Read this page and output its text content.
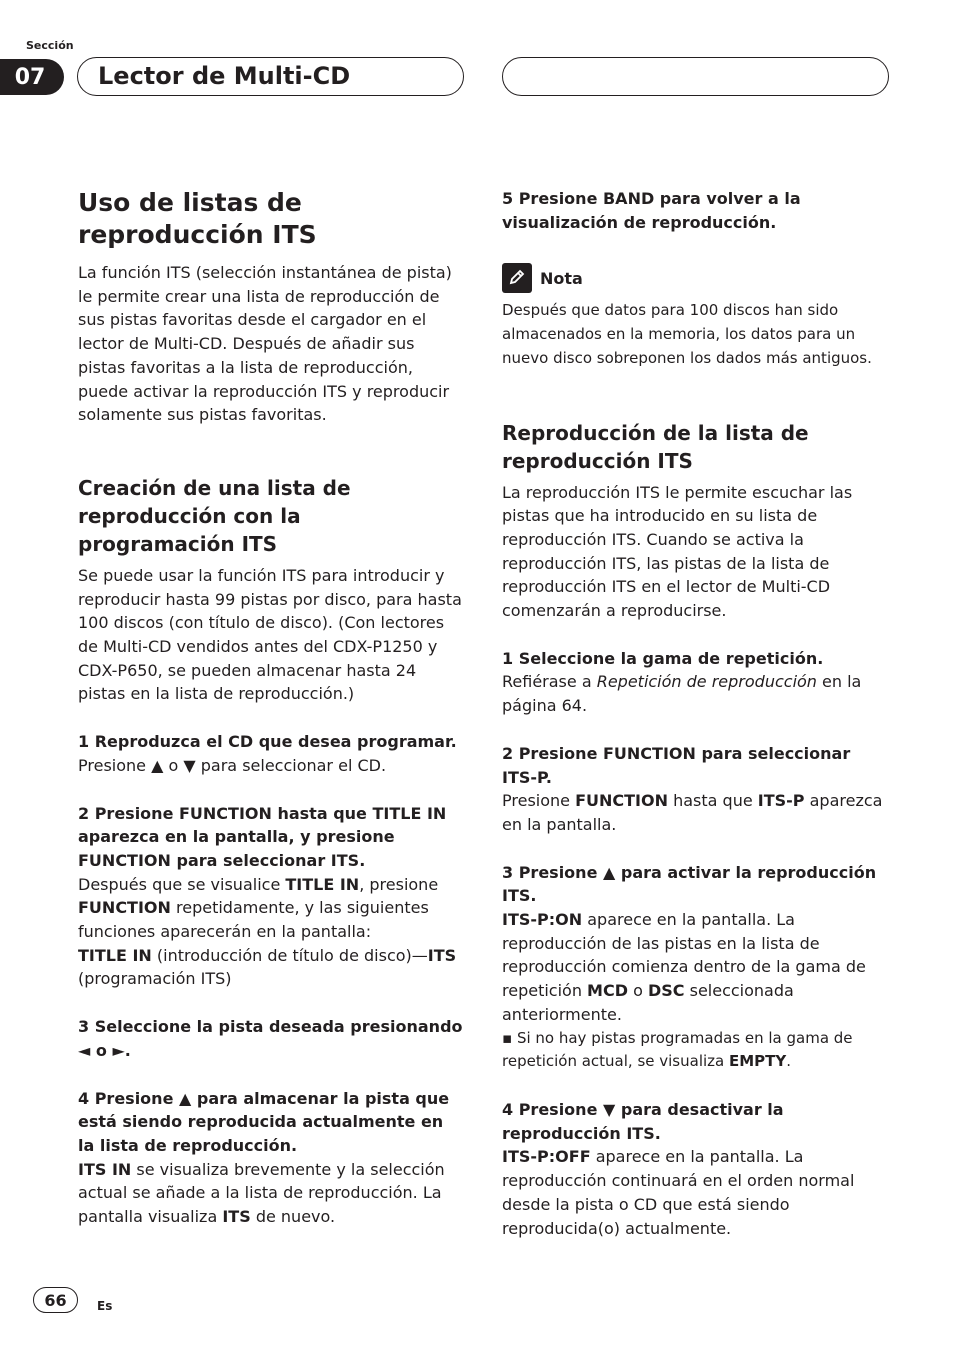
Sección
07	Lector de Multi-CD
Uso de listas de reproducción ITS

La función ITS (selección instantánea de pista) le permite crear una lista de reproducción de sus pistas favoritas desde el cargador en el lector de Multi-CD. Después de añadir sus pistas favoritas a la lista de reproducción, puede activar la reproducción ITS y reproducir solamente sus pistas favoritas.

Creación de una lista de reproducción con la programación ITS

Se puede usar la función ITS para introducir y reproducir hasta 99 pistas por disco, para hasta 100 discos (con título de disco). (Con lectores de Multi-CD vendidos antes del CDX-P1250 y CDX-P650, se pueden almacenar hasta 24 pistas en la lista de reproducción.)

1 Reproduzca el CD que desea programar.

Presione ▲ o ▼ para seleccionar el CD.

2 Presione FUNCTION hasta que TITLE IN aparezca en la pantalla, y presione FUNCTION para seleccionar ITS.

Después que se visualice TITLE IN, presione FUNCTION repetidamente, y las siguientes funciones aparecerán en la pantalla:
TITLE IN (introducción de título de disco)—ITS (programación ITS)

3 Seleccione la pista deseada presionando ◄ o ►.

4 Presione ▲ para almacenar la pista que está siendo reproducida actualmente en la lista de reproducción.

ITS IN se visualiza brevemente y la selección actual se añade a la lista de reproducción. La pantalla visualiza ITS de nuevo.

5 Presione BAND para volver a la visualización de reproducción.

Nota

Después que datos para 100 discos han sido almacenados en la memoria, los datos para un nuevo disco sobreponen los dados más antiguos.

Reproducción de la lista de reproducción ITS

La reproducción ITS le permite escuchar las pistas que ha introducido en su lista de reproducción ITS. Cuando se activa la reproducción ITS, las pistas de la lista de reproducción ITS en el lector de Multi-CD comenzarán a reproducirse.

1 Seleccione la gama de repetición.

Refiérase a Repetición de reproducción en la página 64.

2 Presione FUNCTION para seleccionar ITS-P.

Presione FUNCTION hasta que ITS-P aparezca en la pantalla.

3 Presione ▲ para activar la reproducción ITS.

ITS-P:ON aparece en la pantalla. La reproducción de las pistas en la lista de reproducción comienza dentro de la gama de repetición MCD o DSC seleccionada anteriormente.

▪ Si no hay pistas programadas en la gama de repetición actual, se visualiza EMPTY.

4 Presione ▼ para desactivar la reproducción ITS.

ITS-P:OFF aparece en la pantalla. La reproducción continuará en el orden normal desde la pista o CD que está siendo reproducida(o) actualmente.

66	Es
